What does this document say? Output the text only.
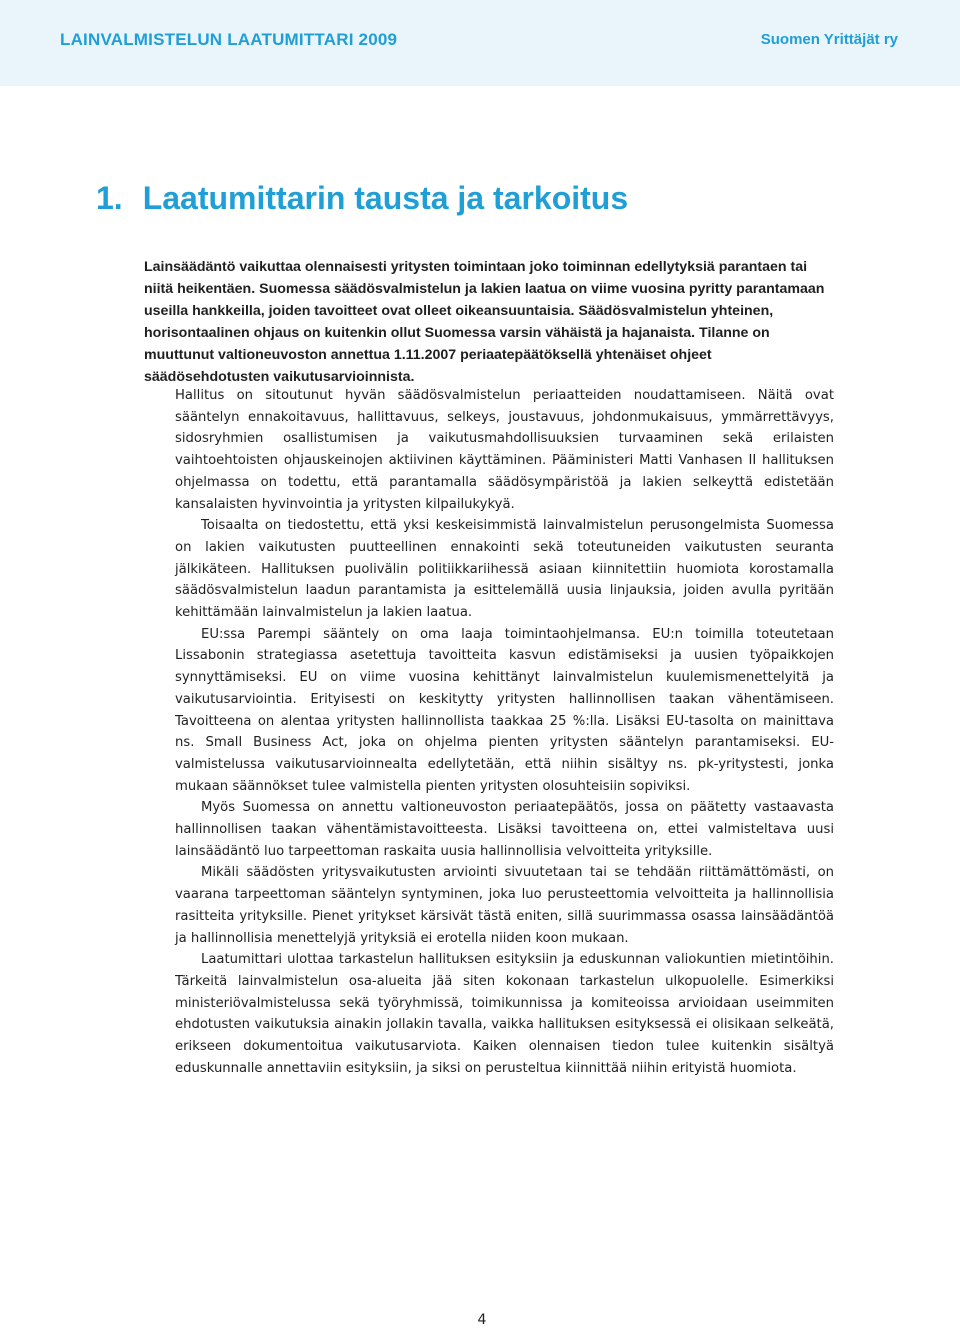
LAINVALMISTELUN LAATUMITTARI 2009	Suomen Yrittäjät ry
1. Laatumittarin tausta ja tarkoitus
Lainsäädäntö vaikuttaa olennaisesti yritysten toimintaan joko toiminnan edellytyksiä parantaen tai niitä heikentäen. Suomessa säädösvalmistelun ja lakien laatua on viime vuosina pyritty parantamaan useilla hankkeilla, joiden tavoitteet ovat olleet oikeansuuntaisia. Säädösvalmistelun yhteinen, horisontaalinen ohjaus on kuitenkin ollut Suomessa varsin vähäistä ja hajanaista. Tilanne on muuttunut valtioneuvoston annettua 1.11.2007 periaatepäätöksellä yhtenäiset ohjeet säädösehdotusten vaikutusarvioinnista.

Hallitus on sitoutunut hyvän säädösvalmistelun periaatteiden noudattamiseen. Näitä ovat sääntelyn ennakoitavuus, hallittavuus, selkeys, joustavuus, johdonmukaisuus, ymmärrettävyys, sidosryhmien osallistumisen ja vaikutusmahdollisuuksien turvaaminen sekä erilaisten vaihtoehtoisten ohjauskeinojen aktiivinen käyttäminen. Pääministeri Matti Vanhasen II hallituksen ohjelmassa on todettu, että parantamalla säädösympäristöä ja lakien selkeyttä edistetään kansalaisten hyvinvointia ja yritysten kilpailukykyä.

Toisaalta on tiedostettu, että yksi keskeisimmistä lainvalmistelun perusongelmista Suomessa on lakien vaikutusten puutteellinen ennakointi sekä toteutuneiden vaikutusten seuranta jälkikäteen. Hallituksen puolivälin politiikkariihessä asiaan kiinnitettiin huomiota korostamalla säädösvalmistelun laadun parantamista ja esittelemällä uusia linjauksia, joiden avulla pyritään kehittämään lainvalmistelun ja lakien laatua.

EU:ssa Parempi sääntely on oma laaja toimintaohjelmansa. EU:n toimilla toteutetaan Lissabonin strategiassa asetettuja tavoitteita kasvun edistämiseksi ja uusien työpaikkojen synnyttämiseksi. EU on viime vuosina kehittänyt lainvalmistelun kuulemismenettelyitä ja vaikutusarviointia. Erityisesti on keskitytty yritysten hallinnollisen taakan vähentämiseen. Tavoitteena on alentaa yritysten hallinnollista taakkaa 25 %:lla. Lisäksi EU-tasolta on mainittava ns. Small Business Act, joka on ohjelma pienten yritysten sääntelyn parantamiseksi. EU-valmistelussa vaikutusarvioinnealta edellytetään, että niihin sisältyy ns. pk-yritystesti, jonka mukaan säännökset tulee valmistella pienten yritysten olosuhteisiin sopiviksi.

Myös Suomessa on annettu valtioneuvoston periaatepäätös, jossa on päätetty vastaavasta hallinnollisen taakan vähentämistavoitteesta. Lisäksi tavoitteena on, ettei valmisteltava uusi lainsäädäntö luo tarpeettoman raskaita uusia hallinnollisia velvoitteita yrityksille.

Mikäli säädösten yritysvaikutusten arviointi sivuutetaan tai se tehdään riittämättömästi, on vaarana tarpeettoman sääntelyn syntyminen, joka luo perusteettomia velvoitteita ja hallinnollisia rasitteita yrityksille. Pienet yritykset kärsivät tästä eniten, sillä suurimmassa osassa lainsäädäntöä ja hallinnollisia menettelyjä yrityksiä ei erotella niiden koon mukaan.

Laatumittari ulottaa tarkastelun hallituksen esityksiin ja eduskunnan valiokuntien mietintöihin. Tärkeitä lainvalmistelun osa-alueita jää siten kokonaan tarkastelun ulkopuolelle. Esimerkiksi ministeriövalmistelussa sekä työryhmissä, toimikunnissa ja komiteoissa arvioidaan useimmiten ehdotusten vaikutuksia ainakin jollakin tavalla, vaikka hallituksen esityksessä ei olisikaan selkeätä, erikseen dokumentoitua vaikutusarviota. Kaiken olennaisen tiedon tulee kuitenkin sisältyä eduskunnalle annettaviin esityksiin, ja siksi on perusteltua kiinnittää niihin erityistä huomiota.

4
